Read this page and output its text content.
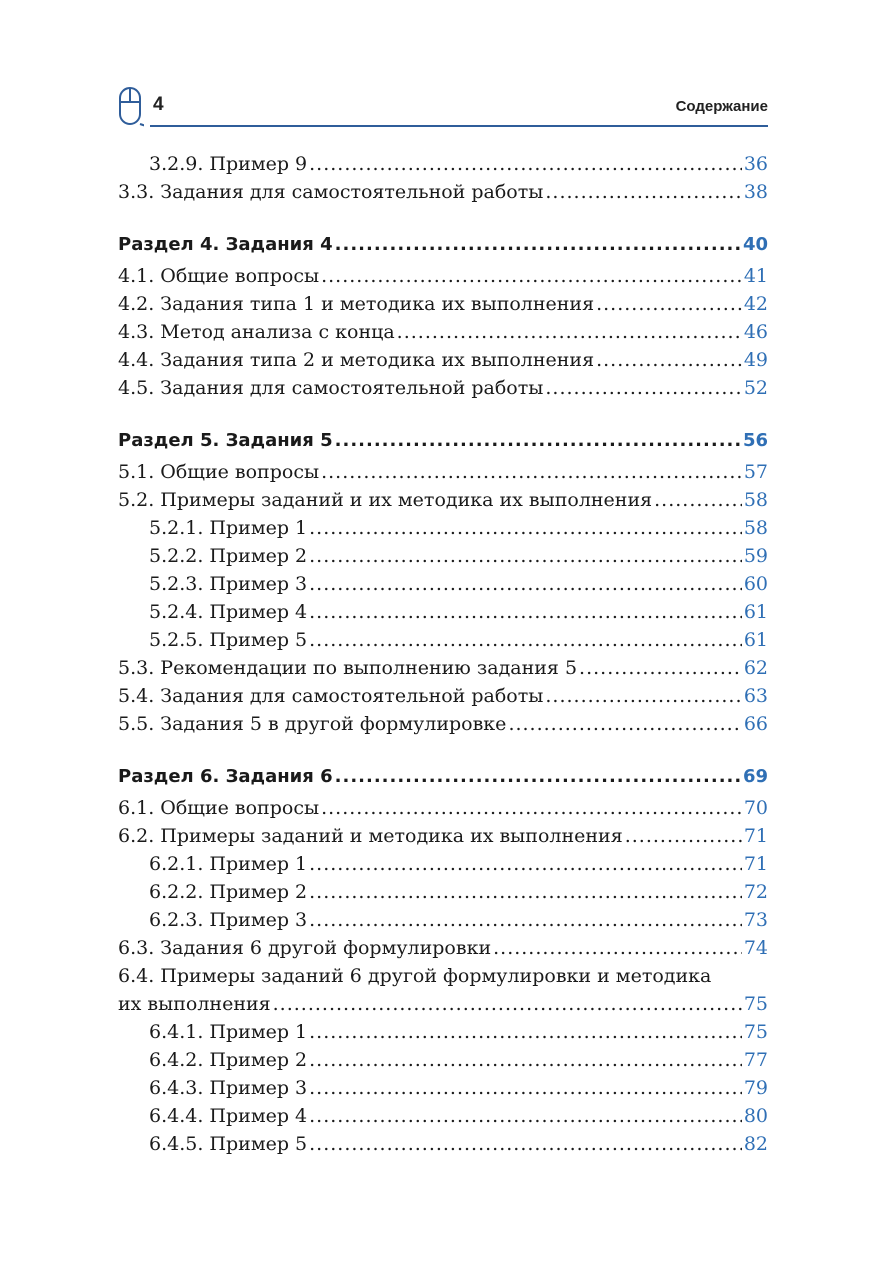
4	Содержание
3.2.9. Пример 9 .....	36
3.3. Задания для самостоятельной работы .....	38
Раздел 4. Задания 4 .....	40
4.1. Общие вопросы .....	41
4.2. Задания типа 1 и методика их выполнения .....	42
4.3. Метод анализа с конца .....	46
4.4. Задания типа 2 и методика их выполнения .....	49
4.5. Задания для самостоятельной работы .....	52
Раздел 5. Задания 5 .....	56
5.1. Общие вопросы .....	57
5.2. Примеры заданий и их методика их выполнения .....	58
5.2.1. Пример 1 .....	58
5.2.2. Пример 2 .....	59
5.2.3. Пример 3 .....	60
5.2.4. Пример 4 .....	61
5.2.5. Пример 5 .....	61
5.3. Рекомендации по выполнению задания 5 .....	62
5.4. Задания для самостоятельной работы .....	63
5.5. Задания 5 в другой формулировке .....	66
Раздел 6. Задания 6 .....	69
6.1. Общие вопросы .....	70
6.2. Примеры заданий и методика их выполнения .....	71
6.2.1. Пример 1 .....	71
6.2.2. Пример 2 .....	72
6.2.3. Пример 3 .....	73
6.3. Задания 6 другой формулировки .....	74
6.4. Примеры заданий 6 другой формулировки и методика
их выполнения .....	75
6.4.1. Пример 1 .....	75
6.4.2. Пример 2 .....	77
6.4.3. Пример 3 .....	79
6.4.4. Пример 4 .....	80
6.4.5. Пример 5 .....	82
